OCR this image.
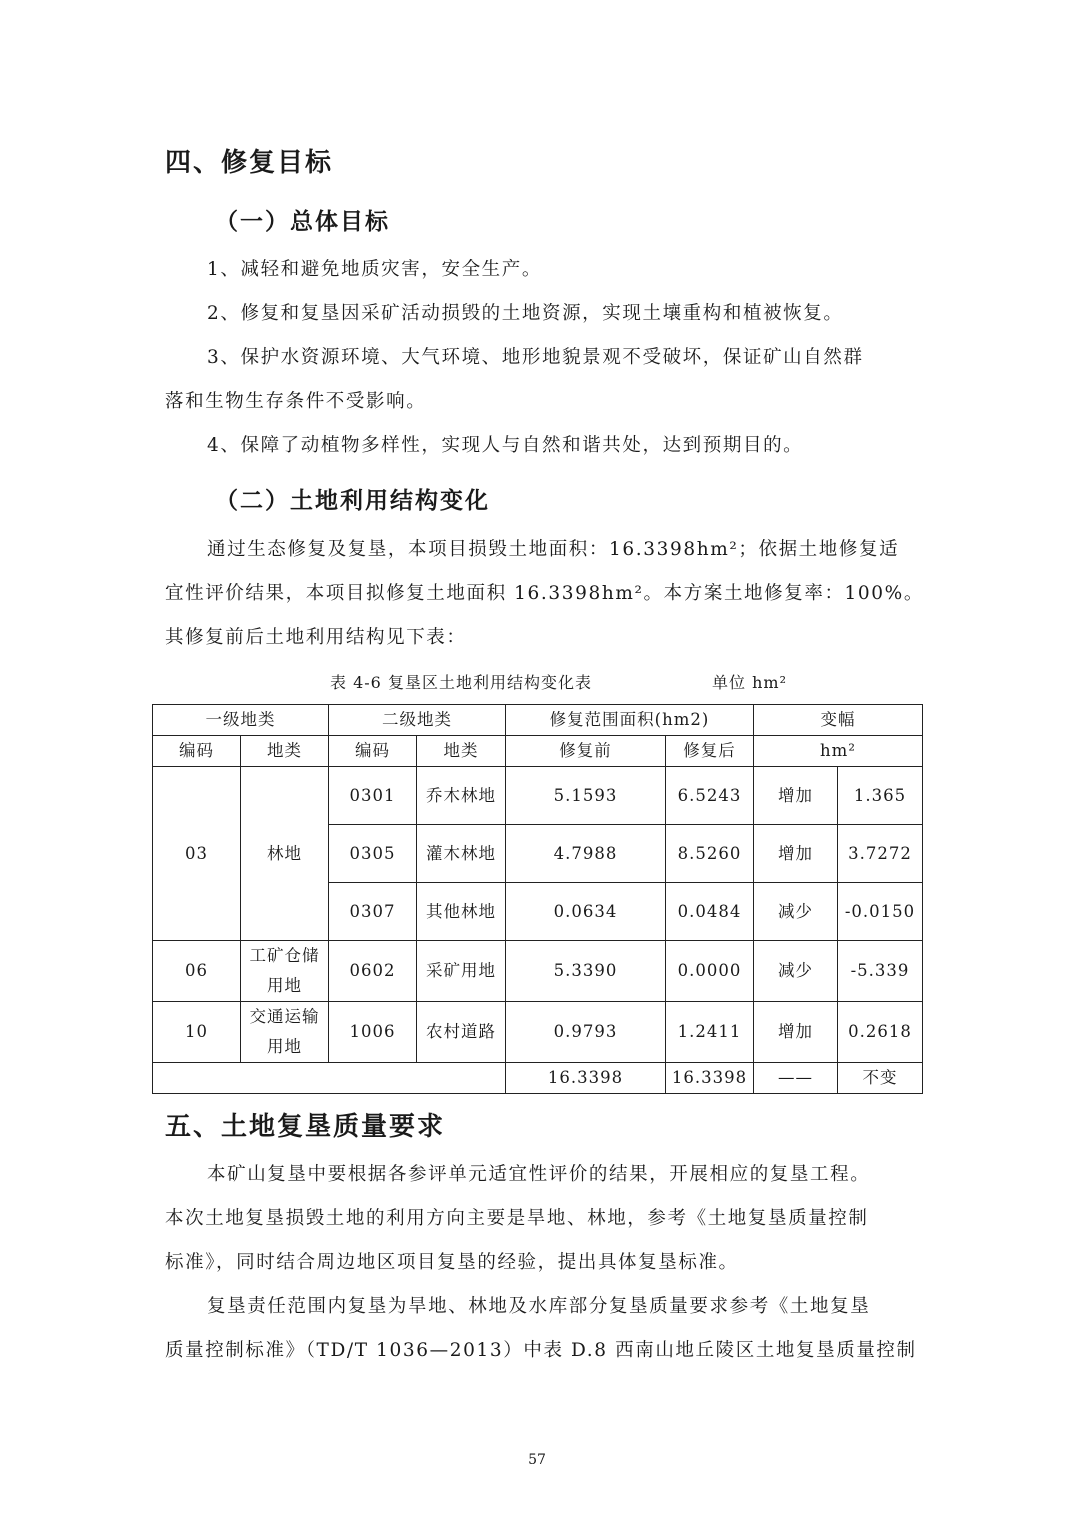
四、修复目标
（一）总体目标
1、减轻和避免地质灾害，安全生产。
2、修复和复垦因采矿活动损毁的土地资源，实现土壤重构和植被恢复。
3、保护水资源环境、大气环境、地形地貌景观不受破坏，保证矿山自然群
落和生物生存条件不受影响。
4、保障了动植物多样性，实现人与自然和谐共处，达到预期目的。
（二）土地利用结构变化
通过生态修复及复垦，本项目损毁土地面积：16.3398hm²；依据土地修复适
宜性评价结果，本项目拟修复土地面积 16.3398hm²。本方案土地修复率：100%。
其修复前后土地利用结构见下表：
表 4-6 复垦区土地利用结构变化表	单位 hm²
一级地类		二级地类		修复范围面积(hm2)		变幅	
编码	地类	编码	地类	修复前	修复后	hm²	
03	林地	0301	乔木林地	5.1593	6.5243	增加	1.365
		0305	灌木林地	4.7988	8.5260	增加	3.7272
		0307	其他林地	0.0634	0.0484	减少	-0.0150
06	工矿仓储用地	0602	采矿用地	5.3390	0.0000	减少	-5.339
10	交通运输用地	1006	农村道路	0.9793	1.2411	增加	0.2618
				16.3398	16.3398	——	不变
五、土地复垦质量要求
本矿山复垦中要根据各参评单元适宜性评价的结果，开展相应的复垦工程。
本次土地复垦损毁土地的利用方向主要是旱地、林地，参考《土地复垦质量控制
标准》，同时结合周边地区项目复垦的经验，提出具体复垦标准。
复垦责任范围内复垦为旱地、林地及水库部分复垦质量要求参考《土地复垦
质量控制标准》（TD/T 1036—2013）中表 D.8 西南山地丘陵区土地复垦质量控制
57
